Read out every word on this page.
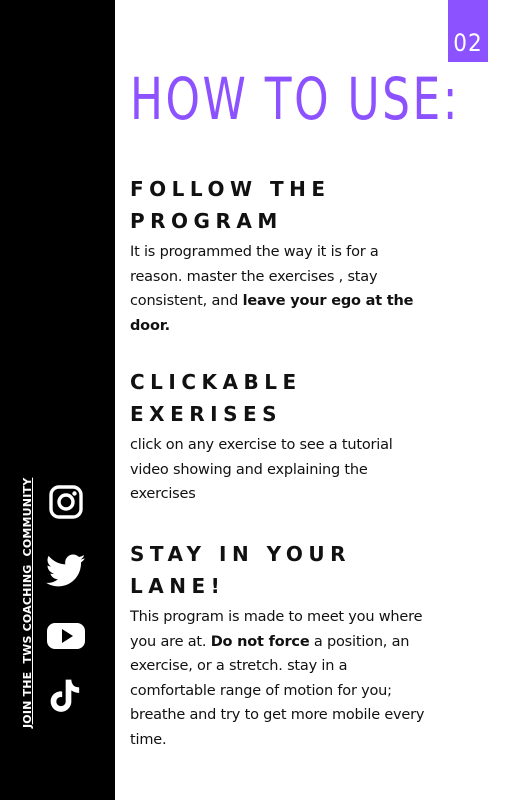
JOIN THE  TWS COACHING  COMMUNITY
02
HOW TO USE:
FOLLOW THE
PROGRAM

It is programmed the way it is for a reason. master the exercises , stay consistent, and leave your ego at the door.

CLICKABLE
EXERISES

click on any exercise to see a tutorial video showing and explaining the exercises

STAY IN YOUR
LANE!

This program is made to meet you where you are at. Do not force a position, an exercise, or a stretch. stay in a comfortable range of motion for you; breathe and try to get more mobile every time.
